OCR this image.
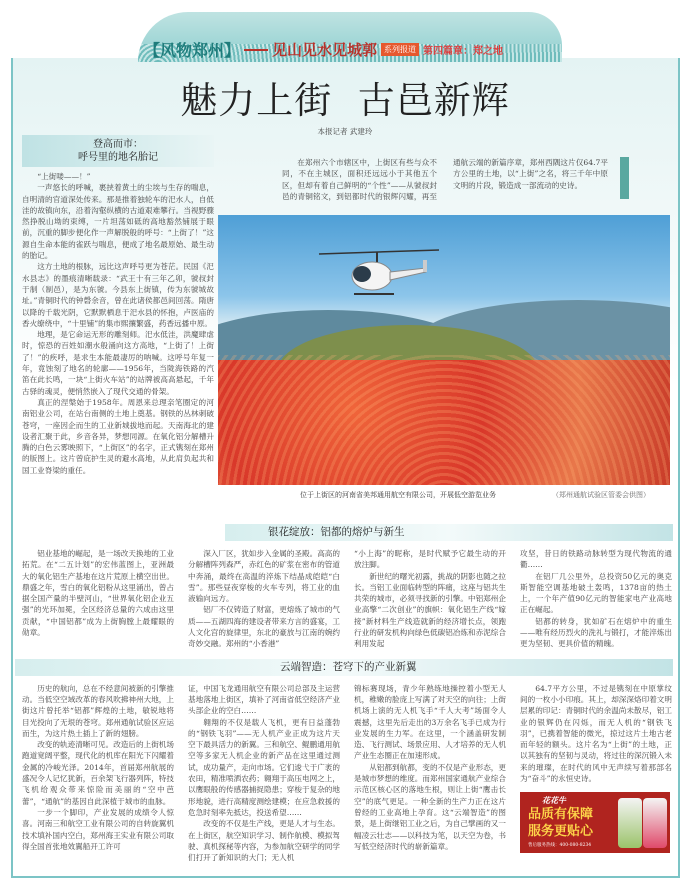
【风物郑州】 见山见水见城郭 系列报道 第四篇章：郑之地
魅力上街  古邑新辉
本报记者 武建玲
登高而市：
呼号里的地名胎记

“上街喽——！”

一声悠长的呼喊，裹挟着黄土的尘埃与生存的喘息，自明清的官道深处传来。那是推着独轮车的汜水人，自低洼的故镇向东，沿着沟壑纵横的古道艰难攀行。当视野骤然挣脱山坳的束缚，一片坦荡如砥的高地豁然铺展于眼前，沉重的脚步便化作一声解脱般的呼号：“上街了！”这源自生命本能的雀跃与喘息，便成了地名最原始、最生动的胎记。

这方土地的根脉，远比这声呼号更为苍茫。民国《汜水县志》的墨痕清晰载录：“武王十有三年乙卯，虢叔封于制（制邑），是为东虢。今县东上街镇，传为东虢城故址。”青铜时代的钟磬余音，曾在此诸侯都邑间回荡。隋唐以降的千载光阴，它默默栖息于汜水县的怀抱，卢医庙的香火缭绕中，“十里铺”的集市熙攘繁盛，药香远播中原。

地理，是它命运无形的雕刻师。汜水低洼，洪魔肆虐时，惊恐的百姓如潮水般涌向这方高地，“上街了！上街了！”的疾呼，是求生本能最凄厉的呐喊。这呼号年复一年，竟蚀刻了地名的轮廓——1956年，当陇海铁路的汽笛在此长鸣，一块“上街火车站”的站牌被高高悬起，千年古驿的魂灵，便悄然嵌入了现代交通的骨架。

真正的涅槃始于1958年。周恩来总理亲笔圈定的河南铝业公司，在站台南侧的土地上奠基。钢铁的丛林刺破苍穹，一座因企而生的工业新城拔地而起。天南海北的建设者汇聚于此，乡音各异，梦想同源。在氧化铝分解槽升腾的白色云雾映照下，“上街区”的名字，正式镌刻在郑州的版图上。这片曾庇护生灵的避水高地，从此肩负起共和国工业脊梁的重任。

在郑州六个市辖区中，上街区有些与众不同，不在主城区，面积还远远小于其他五个区，但却有着自己鲜明的“个性”——从虢叔封邑的青铜铭文，到铝都时代的银辉闪耀，再至通航云端的新篇序章，郑州西隅这片仅64.7平方公里的土地，以“上街”之名，将三千年中原文明的片段，锻造成一部流动的史诗。

位于上街区的河南省美邦通用航空有限公司，开展低空游览业务	（郑州通航试验区管委会供图）
银花绽放：铝都的熔炉与新生

铝业基地的崛起，是一场改天换地的工业拓荒。在“二五计划”的宏伟蓝图上，亚洲最大的氧化铝生产基地在这片荒原上横空出世。鼎盛之年，雪白的氧化铝粉从这里涌出，曾占据全国产量的半壁河山，“世界氧化铝企业五强”的光环加冕，全区经济总量的六成由这里贡献，“中国铝都”成为上街胸膛上最耀眼的勋章。

深入厂区，犹如步入金属的圣殿。高高的分解槽阵列森严，赤红色的矿浆在密布的管道中奔涌，最终在高温的淬炼下结晶成皑皑“白雪”。那些昼夜穿梭的火车专列，将工业的血液输向远方。

铝厂不仅铸造了财富，更熔炼了城市的气质——五湖四海的建设者带来方言的盛宴，工人文化宫的旋律里，东北的豪放与江南的婉约奇妙交融。郑州的“小香港”

“小上海”的昵称，是时代赋予它最生动的开放注脚。

新世纪的曙光初露，挑战的阴影也随之拉长。当铝工业面临转型的阵痛，这座与铝共生共荣的城市，必须寻找新的引擎。中铝郑州企业高擎“二次创业”的旗帜：氧化铝生产线“嫁接”新材料生产线造就新的经济增长点，领跑行业的研发机构向绿色低碳铝冶炼和赤泥综合利用发起

攻坚，昔日的铁路动脉转型为现代物流的通衢……

在铝厂几公里外，总投资50亿元的奥克斯智能空调基地破土轰鸣，1378亩的热土上，一个年产值90亿元的智能家电产业高地正在崛起。

铝都的转身，犹如矿石在熔炉中的重生——唯有经历烈火的洗礼与锻打，才能淬炼出更为坚韧、更具价值的精魄。

云端智造：苍穹下的产业新翼

历史的航向，总在不经意间被新的引擎推动。当低空空域改革的春风吹拂神州大地，上街这片曾托举“铝都”辉煌的土地，敏锐地将目光投向了无垠的苍穹。郑州通航试验区应运而生，为这片热土插上了新的翅膀。

改变的轨迹清晰可见。改造后的上街机场跑道宽阔平整，现代化的机库在阳光下闪耀着金属的冷峻光泽。2014年，首届郑州航展的盛况令人记忆犹新，百余架飞行器列阵，特技飞机给观众带来惊险而美丽的“空中芭蕾”，“通航”的基因自此深植于城市的血脉。

一步一个脚印，产业发展的成绩令人惊喜。河南三和航空工业有限公司的自转旋翼机技术填补国内空白，郑州海王实业有限公司取得全国首张地效翼船开工许可

证，中国飞龙通用航空有限公司总部及主运营基地落地上街区，填补了河南省低空经济产业头部企业的空白……

翱翔的不仅是载人飞机，更有日益蓬勃的“钢铁飞羽”——无人机产业正成为这片天空下最具活力的新翼。三和航空、鲲鹏通用航空等多家无人机企业的新产品在这里通过测试，成功量产，走向市场。它们逡弋于广袤的农田，精准喷洒农药；翱翔于高压电网之上，以鹰眼般的传感器捕捉隐患；穿梭于复杂的地形地貌，进行高精度测绘建模；在应急救援的危急时刻率先抵达，投送希望……

改变的不仅是生产线，更是人才与生态。在上街区，航空知识学习、制作航模、模拟驾驶、真机探秘等内容，为参加航空研学的同学们打开了新知识的大门；无人机

锦标赛现场，青少年熟练地操控着小型无人机，稚嫩的脸庞上写满了对天空的向往；上街机场上演的无人机飞手“千人大考”场面令人震撼，这里先后走出的3万余名飞手已成为行业发展的生力军。在这里，一个涵盖研发制造、飞行测试、场景应用、人才培养的无人机产业生态圈正在加速形成。

从铝都到航都，变的不仅是产业形态，更是城市梦想的维度。而郑州国家通航产业综合示范区核心区的落地生根，则让上街“鹰击长空”的底气更足。一种全新的生产力正在这片曾经的工业高地上孕育。这“云端智造”的图景，是上街继铝工业之后，为自己擘画的又一幅凌云壮志——以科技为笔，以天空为卷，书写低空经济时代的崭新篇章。

64.7平方公里，不过是镌刻在中原掌纹间的一枚小小印痕。其上，却深深烙印着文明层累的印记：青铜时代的余温尚未散尽，铝工业的银辉仍在闪烁，而无人机的“钢铁飞羽”，已携着智能的微光，掠过这片土地古老而年轻的额头。这片名为“上街”的土地，正以其独有的坚韧与灵动，将过往的深沉锻入未来的璀璨，在时代的风中无声续写着那部名为“奋斗”的永恒史诗。

花花牛
品质有保障
服务更贴心
售后服务热线：400-080-8234
